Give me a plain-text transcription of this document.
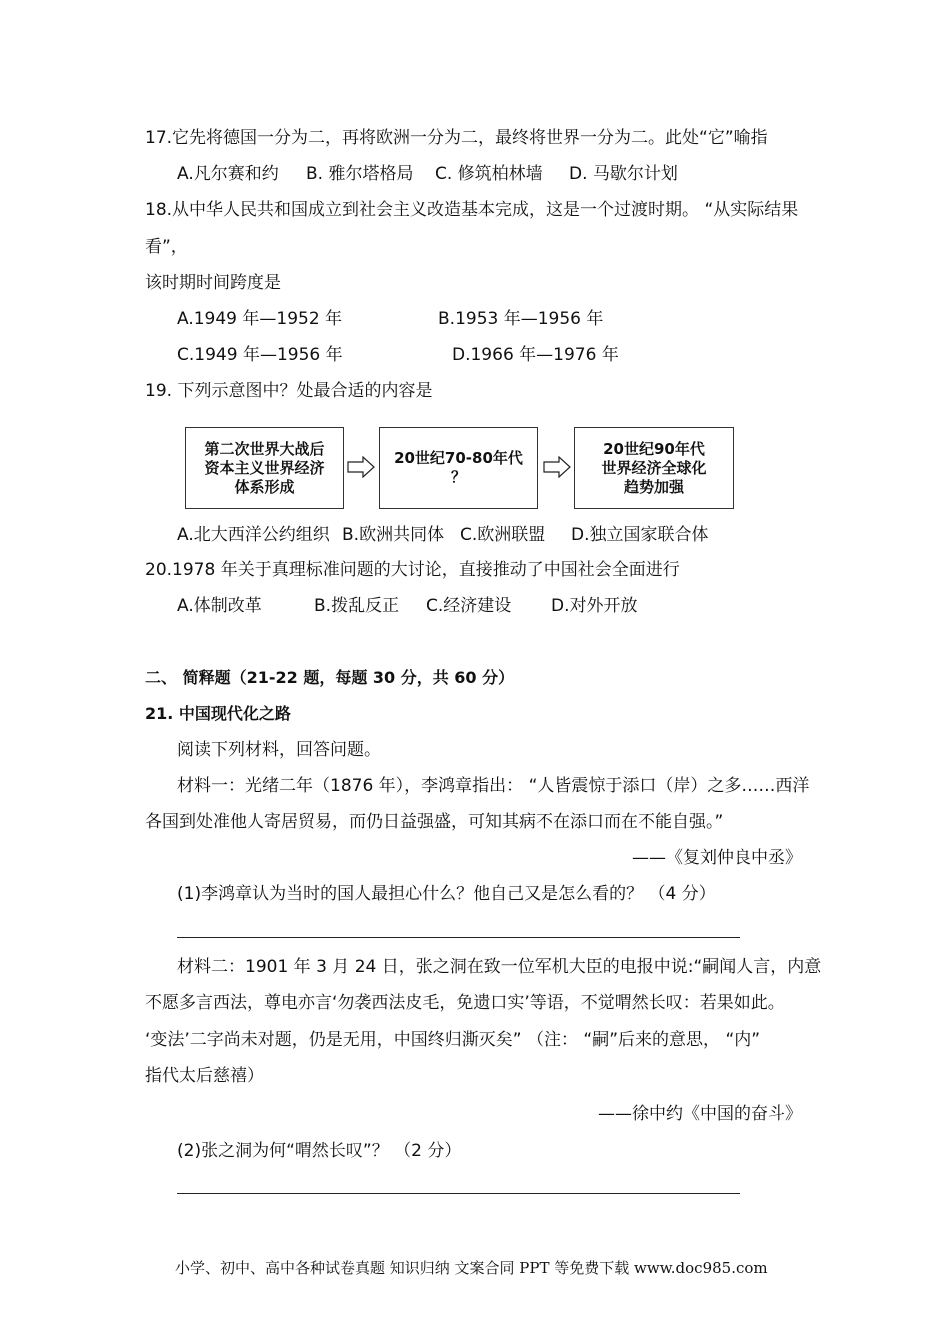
17.它先将德国一分为二，再将欧洲一分为二，最终将世界一分为二。此处“它”喻指
A.凡尔赛和约 B. 雅尔塔格局 C. 修筑柏林墙 D. 马歇尔计划
18.从中华人民共和国成立到社会主义改造基本完成，这是一个过渡时期。 “从实际结果
看”，
该时期时间跨度是
A.1949 年—1952 年	B.1953 年—1956 年
C.1949 年—1956 年	D.1966 年—1976 年
19. 下列示意图中？处最合适的内容是
第二次世界大战后
资本主义世界经济
体系形成
20世纪70-80年代
？
20世纪90年代
世界经济全球化
趋势加强
A.北大西洋公约组织 B.欧洲共同体 C.欧洲联盟 D.独立国家联合体
20.1978 年关于真理标准问题的大讨论，直接推动了中国社会全面进行
A.体制改革	B.拨乱反正 C.经济建设 D.对外开放
二、 简释题（21-22 题，每题 30 分，共 60 分）
21. 中国现代化之路
阅读下列材料，回答问题。
材料一：光绪二年（1876 年），李鸿章指出： “人皆震惊于添口（岸）之多……西洋
各国到处准他人寄居贸易，而仍日益强盛，可知其病不在添口而在不能自强。”
——《复刘仲良中丞》
(1)李鸿章认为当时的国人最担心什么？他自己又是怎么看的？ （4 分）
材料二：1901 年 3 月 24 日，张之洞在致一位军机大臣的电报中说:“嗣闻人言，内意
不愿多言西法，尊电亦言‘勿袭西法皮毛，免遗口实’等语，不觉喟然长叹：若果如此。
‘变法’二字尚未对题，仍是无用，中国终归澌灭矣” （注： “嗣”后来的意思， “内”
指代太后慈禧）
——徐中约《中国的奋斗》
(2)张之洞为何“喟然长叹”？ （2 分）
小学、初中、高中各种试卷真题 知识归纳 文案合同 PPT 等免费下载 www.doc985.com
